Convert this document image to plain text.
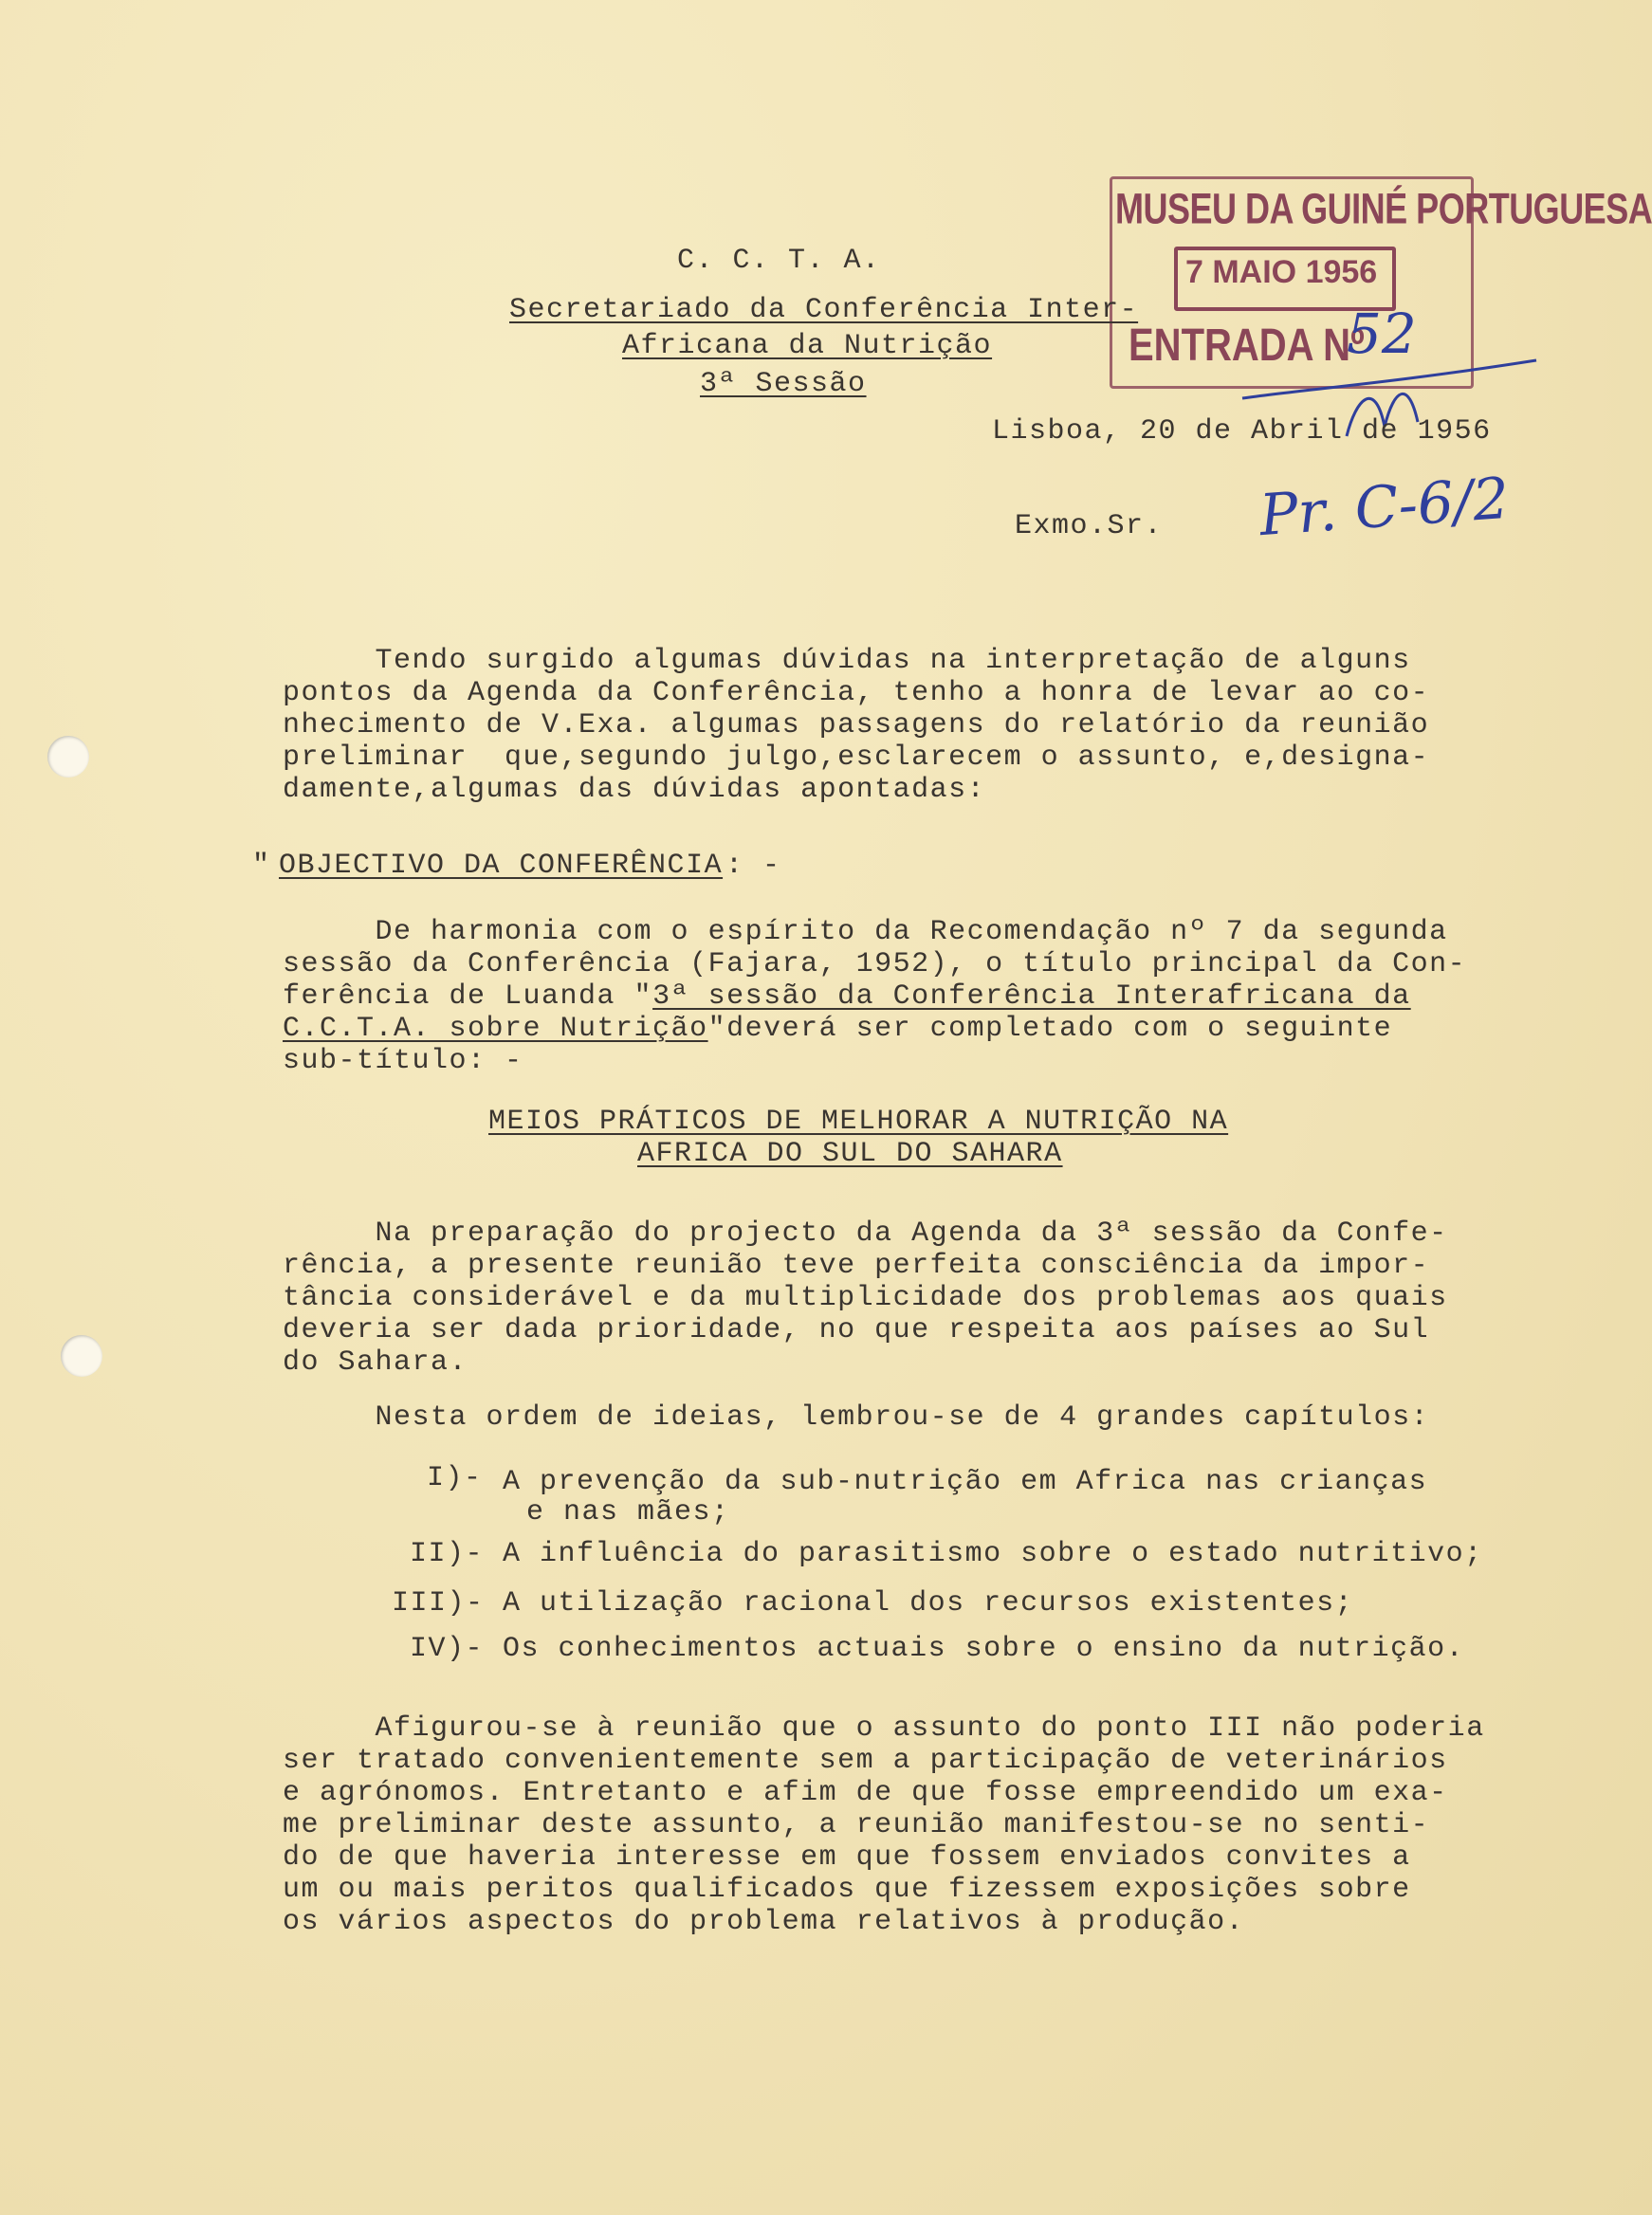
MUSEU DA GUINÉ PORTUGUESA
7 MAIO 1956
ENTRADA Nº
52
Pr. C-6/2
C. C. T. A.
Secretariado da Conferência Inter-
Africana da Nutrição
3ª Sessão
Lisboa, 20 de Abril de 1956
Exmo.Sr.
Tendo surgido algumas dúvidas na interpretação de alguns
pontos da Agenda da Conferência, tenho a honra de levar ao co-
nhecimento de V.Exa. algumas passagens do relatório da reunião
preliminar  que,segundo julgo,esclarecem o assunto, e,designa-
damente,algumas das dúvidas apontadas:
" OBJECTIVO DA CONFERÊNCIA : -
De harmonia com o espírito da Recomendação nº 7 da segunda
sessão da Conferência (Fajara, 1952), o título principal da Con-
ferência de Luanda "3ª sessão da Conferência Interafricana da
C.C.T.A. sobre Nutrição"deverá ser completado com o seguinte
sub-título: -
MEIOS PRÁTICOS DE MELHORAR A NUTRIÇÃO NA
AFRICA DO SUL DO SAHARA
Na preparação do projecto da Agenda da 3ª sessão da Confe-
rência, a presente reunião teve perfeita consciência da impor-
tância considerável e da multiplicidade dos problemas aos quais
deveria ser dada prioridade, no que respeita aos países ao Sul
do Sahara.
Nesta ordem de ideias, lembrou-se de 4 grandes capítulos:
I)- A prevenção da sub-nutrição em Africa nas crianças
e nas mães;
II)- A influência do parasitismo sobre o estado nutritivo;
III)- A utilização racional dos recursos existentes;
IV)- Os conhecimentos actuais sobre o ensino da nutrição.
Afigurou-se à reunião que o assunto do ponto III não poderia
ser tratado convenientemente sem a participação de veterinários
e agrónomos. Entretanto e afim de que fosse empreendido um exa-
me preliminar deste assunto, a reunião manifestou-se no senti-
do de que haveria interesse em que fossem enviados convites a
um ou mais peritos qualificados que fizessem exposições sobre
os vários aspectos do problema relativos à produção.
